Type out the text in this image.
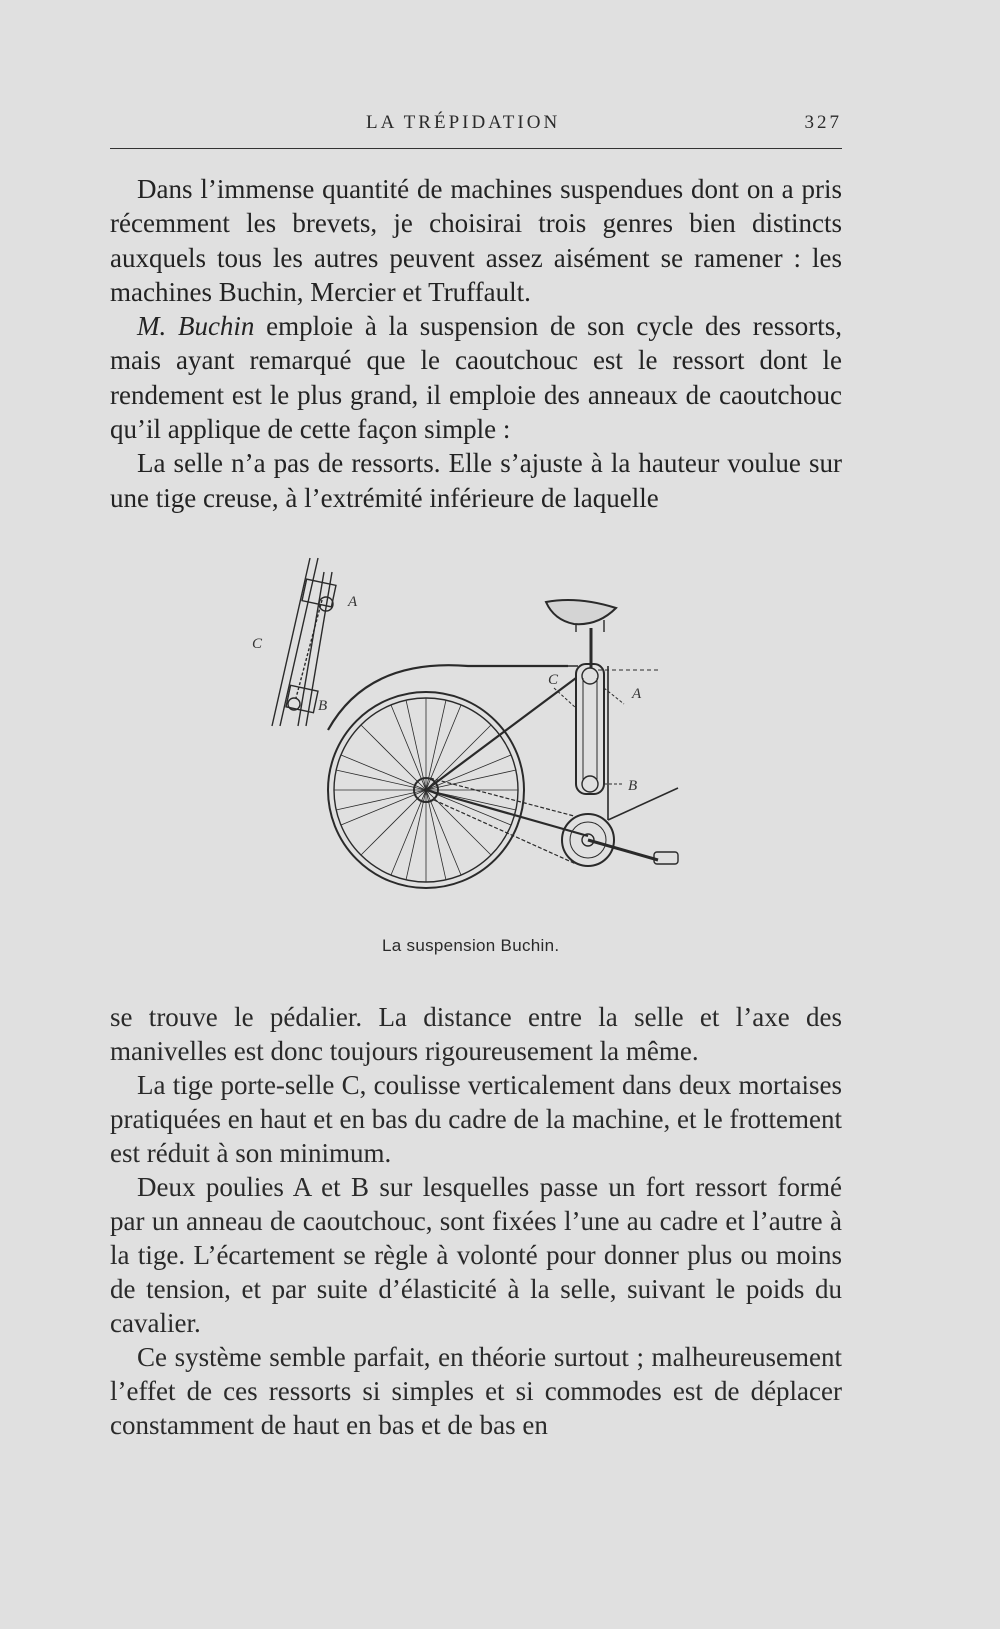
LA TRÉPIDATION	327

Dans l’immense quantité de machines suspendues dont on a pris récemment les brevets, je choisirai trois genres bien distincts auxquels tous les autres peuvent assez aisément se ramener : les machines Buchin, Mercier et Truffault.

M. Buchin emploie à la suspension de son cycle des ressorts, mais ayant remarqué que le caoutchouc est le ressort dont le rendement est le plus grand, il emploie des anneaux de caoutchouc qu’il applique de cette façon simple :

La selle n’a pas de ressorts. Elle s’ajuste à la hauteur voulue sur une tige creuse, à l’extrémité inférieure de laquelle

A
B
C
A
B
C
La suspension Buchin.

se trouve le pédalier. La distance entre la selle et l’axe des manivelles est donc toujours rigoureusement la même.

La tige porte-selle C, coulisse verticalement dans deux mortaises pratiquées en haut et en bas du cadre de la machine, et le frottement est réduit à son minimum.

Deux poulies A et B sur lesquelles passe un fort ressort formé par un anneau de caoutchouc, sont fixées l’une au cadre et l’autre à la tige. L’écartement se règle à volonté pour donner plus ou moins de tension, et par suite d’élasticité à la selle, suivant le poids du cavalier.

Ce système semble parfait, en théorie surtout ; malheureusement l’effet de ces ressorts si simples et si commodes est de déplacer constamment de haut en bas et de bas en
